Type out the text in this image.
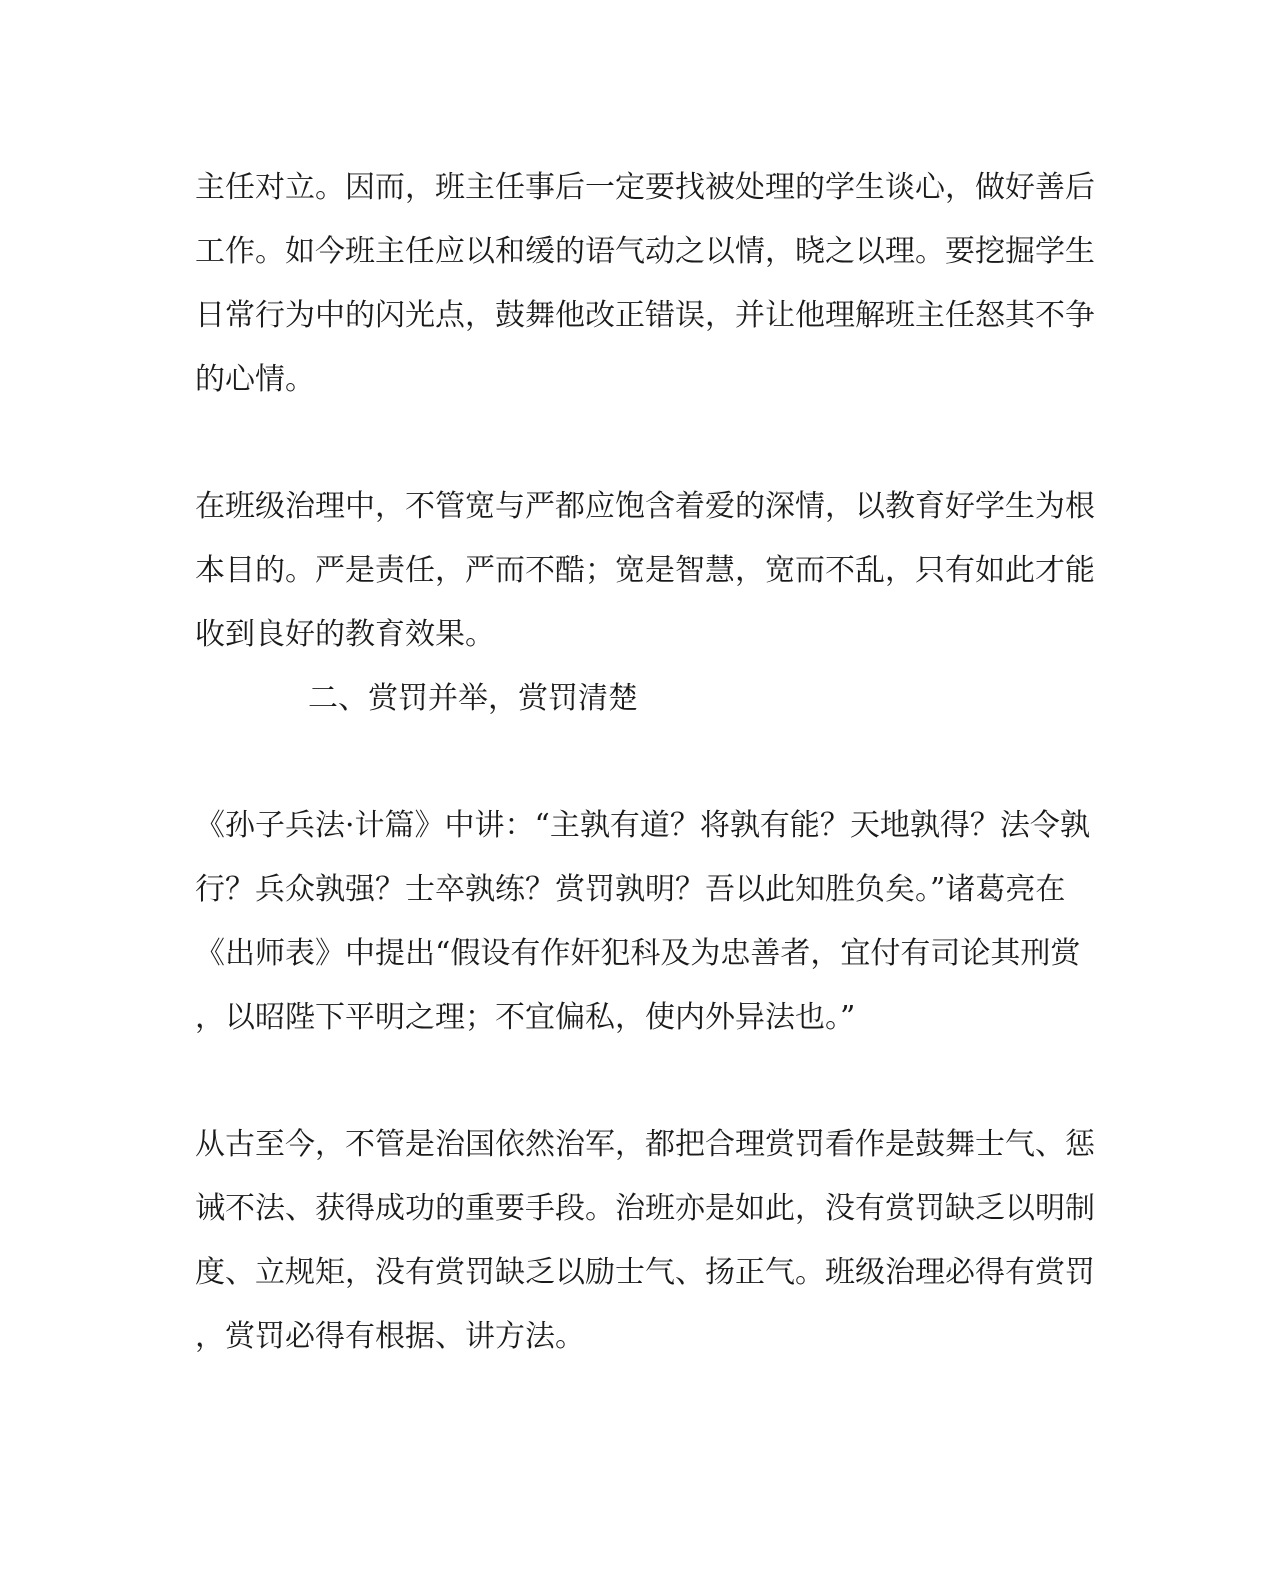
主任对立。因而，班主任事后一定要找被处理的学生谈心，做好善后
工作。如今班主任应以和缓的语气动之以情，晓之以理。要挖掘学生
日常行为中的闪光点，鼓舞他改正错误，并让他理解班主任怒其不争
的心情。
在班级治理中，不管宽与严都应饱含着爱的深情，以教育好学生为根
本目的。严是责任，严而不酷；宽是智慧，宽而不乱，只有如此才能
收到良好的教育效果。
二、赏罚并举，赏罚清楚
《孙子兵法·计篇》中讲：“主孰有道？将孰有能？天地孰得？法令孰
行？兵众孰强？士卒孰练？赏罚孰明？吾以此知胜负矣。”诸葛亮在
《出师表》中提出“假设有作奸犯科及为忠善者，宜付有司论其刑赏
，以昭陛下平明之理；不宜偏私，使内外异法也。”
从古至今，不管是治国依然治军，都把合理赏罚看作是鼓舞士气、惩
诫不法、获得成功的重要手段。治班亦是如此，没有赏罚缺乏以明制
度、立规矩，没有赏罚缺乏以励士气、扬正气。班级治理必得有赏罚
，赏罚必得有根据、讲方法。
